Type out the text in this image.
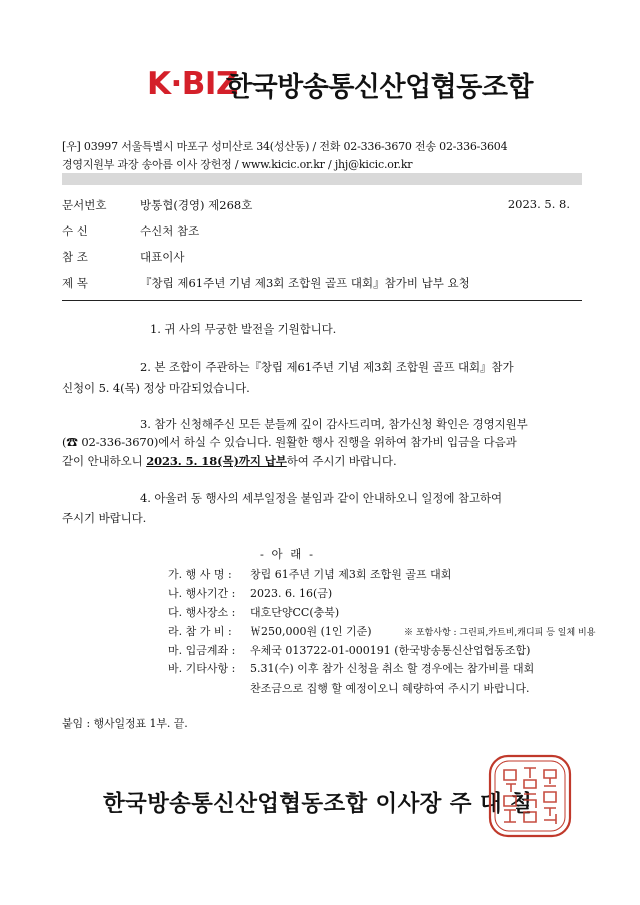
K·BIZ
한국방송통신산업협동조합
[우] 03997 서울특별시 마포구 성미산로 34(성산동) / 전화 02-336-3670 전송 02-336-3604
경영지원부 과장 송아름 이사 장헌정 / www.kicic.or.kr / jhj@kicic.or.kr
문서번호	방통협(경영) 제268호	2023. 5. 8.
수 신	수신처 참조
참 조	대표이사
제 목	『창립 제61주년 기념 제3회 조합원 골프 대회』참가비 납부 요청
1. 귀 사의 무궁한 발전을 기원합니다.
2. 본 조합이 주관하는『창립 제61주년 기념 제3회 조합원 골프 대회』참가
신청이 5. 4(목) 정상 마감되었습니다.
3. 참가 신청해주신 모든 분들께 깊이 감사드리며, 참가신청 확인은 경영지원부
(☎ 02-336-3670)에서 하실 수 있습니다. 원활한 행사 진행을 위하여 참가비 입금을 다음과
같이 안내하오니 2023. 5. 18(목)까지 납부하여 주시기 바랍니다.
4. 아울러 동 행사의 세부일정을 붙임과 같이 안내하오니 일정에 참고하여
주시기 바랍니다.
- 아 래 -
가. 행 사 명 : 창립 61주년 기념 제3회 조합원 골프 대회
나. 행사기간 : 2023. 6. 16(금)
다. 행사장소 : 대호단양CC(충북)
라. 참 가 비 : ￦250,000원 (1인 기준)	※ 포함사항 : 그린피,카트비,캐디피 등 일체 비용
마. 입금계좌 : 우체국 013722-01-000191 (한국방송통신산업협동조합)
바. 기타사항 : 5.31(수) 이후 참가 신청을 취소 할 경우에는 참가비를 대회
찬조금으로 집행 할 예정이오니 혜량하여 주시기 바랍니다.
붙임 : 행사일정표 1부. 끝.
한국방송통신산업협동조합 이사장 주 대 철
